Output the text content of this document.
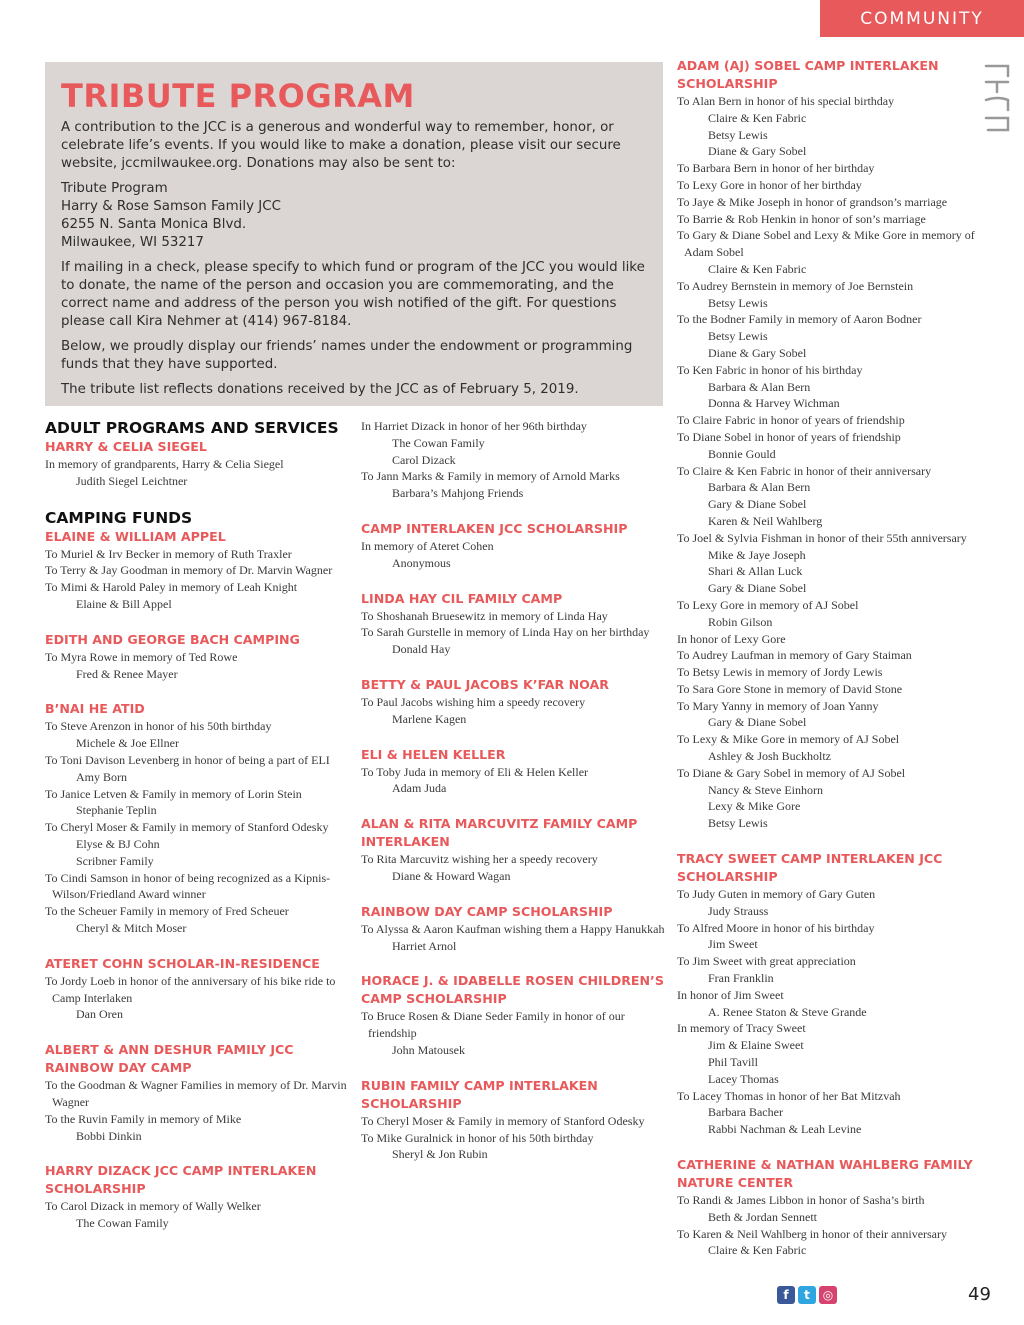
COMMUNITY
TRIBUTE PROGRAM

A contribution to the JCC is a generous and wonderful way to remember, honor, or celebrate life’s events. If you would like to make a donation, please visit our secure website, jccmilwaukee.org. Donations may also be sent to:

Tribute Program
Harry & Rose Samson Family JCC
6255 N. Santa Monica Blvd.
Milwaukee, WI 53217

If mailing in a check, please specify to which fund or program of the JCC you would like to donate, the name of the person and occasion you are commemorating, and the correct name and address of the person you wish notified of the gift. For questions please call Kira Nehmer at (414) 967-8184.

Below, we proudly display our friends’ names under the endowment or programming funds that they have supported.

The tribute list reflects donations received by the JCC as of February 5, 2019.

ADULT PROGRAMS AND SERVICES
HARRY & CELIA SIEGEL
In memory of grandparents, Harry & Celia Siegel
Judith Siegel Leichtner
CAMPING FUNDS
ELAINE & WILLIAM APPEL
To Muriel & Irv Becker in memory of Ruth Traxler
To Terry & Jay Goodman in memory of Dr. Marvin Wagner
To Mimi & Harold Paley in memory of Leah Knight
Elaine & Bill Appel
EDITH AND GEORGE BACH CAMPING
To Myra Rowe in memory of Ted Rowe
Fred & Renee Mayer
B’NAI HE ATID
To Steve Arenzon in honor of his 50th birthday
Michele & Joe Ellner
To Toni Davison Levenberg in honor of being a part of ELI
Amy Born
To Janice Letven & Family in memory of Lorin Stein
Stephanie Teplin
To Cheryl Moser & Family in memory of Stanford Odesky
Elyse & BJ Cohn
Scribner Family
To Cindi Samson in honor of being recognized as a Kipnis-Wilson/Friedland Award winner
To the Scheuer Family in memory of Fred Scheuer
Cheryl & Mitch Moser
ATERET COHN SCHOLAR-IN-RESIDENCE
To Jordy Loeb in honor of the anniversary of his bike ride to Camp Interlaken
Dan Oren
ALBERT & ANN DESHUR FAMILY JCC RAINBOW DAY CAMP
To the Goodman & Wagner Families in memory of Dr. Marvin Wagner
To the Ruvin Family in memory of Mike
Bobbi Dinkin
HARRY DIZACK JCC CAMP INTERLAKEN SCHOLARSHIP
To Carol Dizack in memory of Wally Welker
The Cowan Family
In Harriet Dizack in honor of her 96th birthday
The Cowan Family
Carol Dizack
To Jann Marks & Family in memory of Arnold Marks
Barbara’s Mahjong Friends
CAMP INTERLAKEN JCC SCHOLARSHIP
In memory of Ateret Cohen
Anonymous
LINDA HAY CIL FAMILY CAMP
To Shoshanah Bruesewitz in memory of Linda Hay
To Sarah Gurstelle in memory of Linda Hay on her birthday
Donald Hay
BETTY & PAUL JACOBS K’FAR NOAR
To Paul Jacobs wishing him a speedy recovery
Marlene Kagen
ELI & HELEN KELLER
To Toby Juda in memory of Eli & Helen Keller
Adam Juda
ALAN & RITA MARCUVITZ FAMILY CAMP INTERLAKEN
To Rita Marcuvitz wishing her a speedy recovery
Diane & Howard Wagan
RAINBOW DAY CAMP SCHOLARSHIP
To Alyssa & Aaron Kaufman wishing them a Happy Hanukkah
Harriet Arnol
HORACE J. & IDABELLE ROSEN CHILDREN’S CAMP SCHOLARSHIP
To Bruce Rosen & Diane Seder Family in honor of our friendship
John Matousek
RUBIN FAMILY CAMP INTERLAKEN SCHOLARSHIP
To Cheryl Moser & Family in memory of Stanford Odesky
To Mike Guralnick in honor of his 50th birthday
Sheryl & Jon Rubin
ADAM (AJ) SOBEL CAMP INTERLAKEN SCHOLARSHIP
To Alan Bern in honor of his special birthday
Claire & Ken Fabric
Betsy Lewis
Diane & Gary Sobel
To Barbara Bern in honor of her birthday
To Lexy Gore in honor of her birthday
To Jaye & Mike Joseph in honor of grandson’s marriage
To Barrie & Rob Henkin in honor of son’s marriage
To Gary & Diane Sobel and Lexy & Mike Gore in memory of Adam Sobel
Claire & Ken Fabric
To Audrey Bernstein in memory of Joe Bernstein
Betsy Lewis
To the Bodner Family in memory of Aaron Bodner
Betsy Lewis
Diane & Gary Sobel
To Ken Fabric in honor of his birthday
Barbara & Alan Bern
Donna & Harvey Wichman
To Claire Fabric in honor of years of friendship
To Diane Sobel in honor of years of friendship
Bonnie Gould
To Claire & Ken Fabric in honor of their anniversary
Barbara & Alan Bern
Gary & Diane Sobel
Karen & Neil Wahlberg
To Joel & Sylvia Fishman in honor of their 55th anniversary
Mike & Jaye Joseph
Shari & Allan Luck
Gary & Diane Sobel
To Lexy Gore in memory of AJ Sobel
Robin Gilson
In honor of Lexy Gore
To Audrey Laufman in memory of Gary Staiman
To Betsy Lewis in memory of Jordy Lewis
To Sara Gore Stone in memory of David Stone
To Mary Yanny in memory of Joan Yanny
Gary & Diane Sobel
To Lexy & Mike Gore in memory of AJ Sobel
Ashley & Josh Buckholtz
To Diane & Gary Sobel in memory of AJ Sobel
Nancy & Steve Einhorn
Lexy & Mike Gore
Betsy Lewis
TRACY SWEET CAMP INTERLAKEN JCC SCHOLARSHIP
To Judy Guten in memory of Gary Guten
Judy Strauss
To Alfred Moore in honor of his birthday
Jim Sweet
To Jim Sweet with great appreciation
Fran Franklin
In honor of Jim Sweet
A. Renee Staton & Steve Grande
In memory of Tracy Sweet
Jim & Elaine Sweet
Phil Tavill
Lacey Thomas
To Lacey Thomas in honor of her Bat Mitzvah
Barbara Bacher
Rabbi Nachman & Leah Levine
CATHERINE & NATHAN WAHLBERG FAMILY NATURE CENTER
To Randi & James Libbon in honor of Sasha’s birth
Beth & Jordan Sennett
To Karen & Neil Wahlberg in honor of their anniversary
Claire & Ken Fabric
f	t	◎	49
